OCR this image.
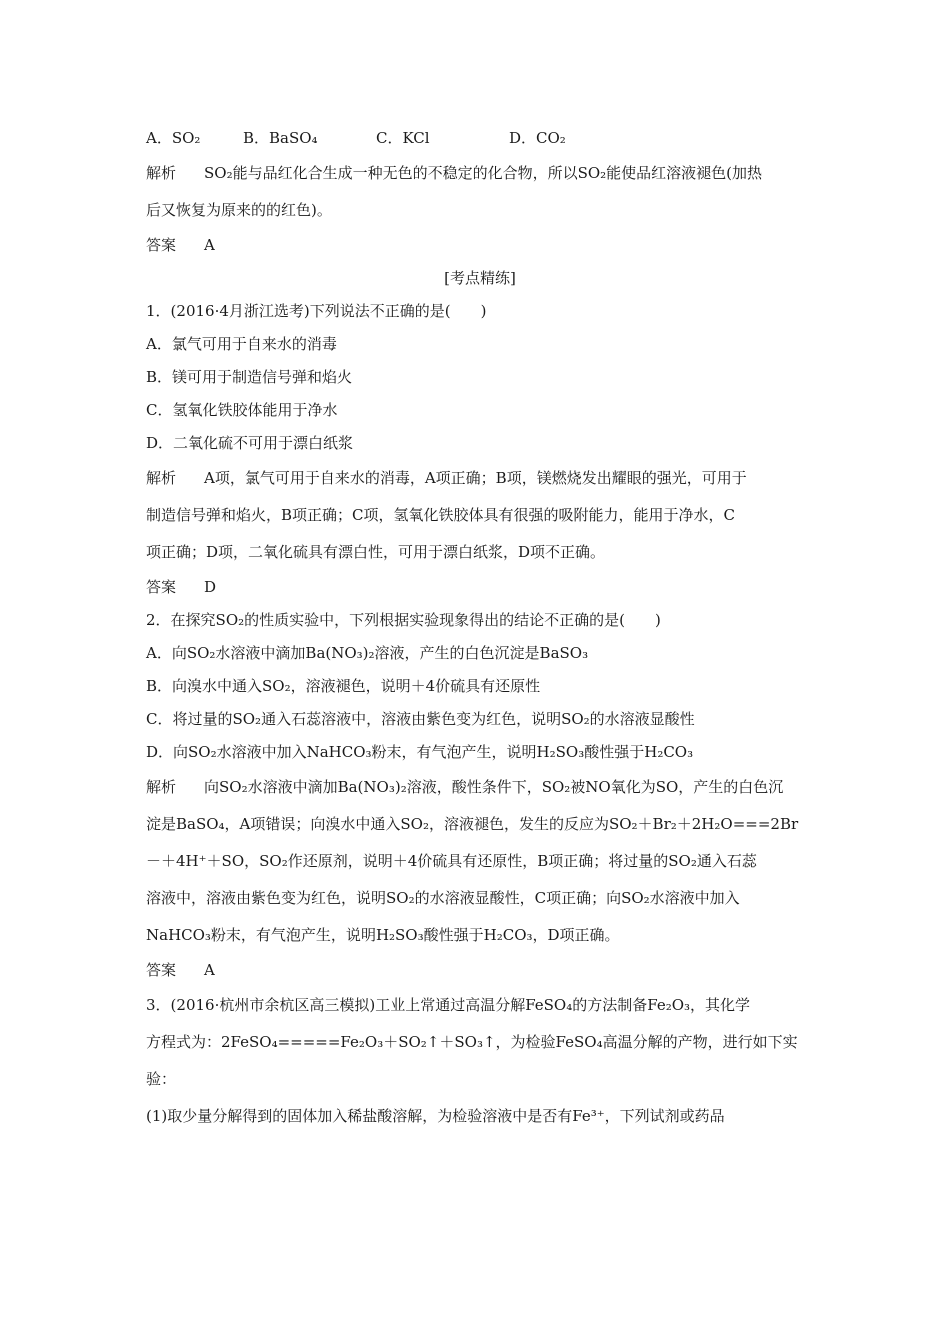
A．SO₂	B．BaSO₄	C．KCl	D．CO₂
解析 SO₂能与品红化合生成一种无色的不稳定的化合物，所以SO₂能使品红溶液褪色(加热
后又恢复为原来的的红色)。
答案 A
[考点精练]
1．(2016·4月浙江选考)下列说法不正确的是(　　)
A．氯气可用于自来水的消毒
B．镁可用于制造信号弹和焰火
C．氢氧化铁胶体能用于净水
D．二氧化硫不可用于漂白纸浆
解析 A项，氯气可用于自来水的消毒，A项正确；B项，镁燃烧发出耀眼的强光，可用于
制造信号弹和焰火，B项正确；C项，氢氧化铁胶体具有很强的吸附能力，能用于净水，C
项正确；D项，二氧化硫具有漂白性，可用于漂白纸浆，D项不正确。
答案 D
2．在探究SO₂的性质实验中，下列根据实验现象得出的结论不正确的是(　　)
A．向SO₂水溶液中滴加Ba(NO₃)₂溶液，产生的白色沉淀是BaSO₃
B．向溴水中通入SO₂，溶液褪色，说明＋4价硫具有还原性
C．将过量的SO₂通入石蕊溶液中，溶液由紫色变为红色，说明SO₂的水溶液显酸性
D．向SO₂水溶液中加入NaHCO₃粉末，有气泡产生，说明H₂SO₃酸性强于H₂CO₃
解析 向SO₂水溶液中滴加Ba(NO₃)₂溶液，酸性条件下，SO₂被NO氧化为SO，产生的白色沉
淀是BaSO₄，A项错误；向溴水中通入SO₂，溶液褪色，发生的反应为SO₂＋Br₂＋2H₂O===2Br
－＋4H⁺＋SO，SO₂作还原剂，说明＋4价硫具有还原性，B项正确；将过量的SO₂通入石蕊
溶液中，溶液由紫色变为红色，说明SO₂的水溶液显酸性，C项正确；向SO₂水溶液中加入
NaHCO₃粉末，有气泡产生，说明H₂SO₃酸性强于H₂CO₃，D项正确。
答案 A
3．(2016·杭州市余杭区高三模拟)工业上常通过高温分解FeSO₄的方法制备Fe₂O₃，其化学
方程式为：2FeSO₄=====Fe₂O₃＋SO₂↑＋SO₃↑，为检验FeSO₄高温分解的产物，进行如下实
验：
(1)取少量分解得到的固体加入稀盐酸溶解，为检验溶液中是否有Fe³⁺，下列试剂或药品
